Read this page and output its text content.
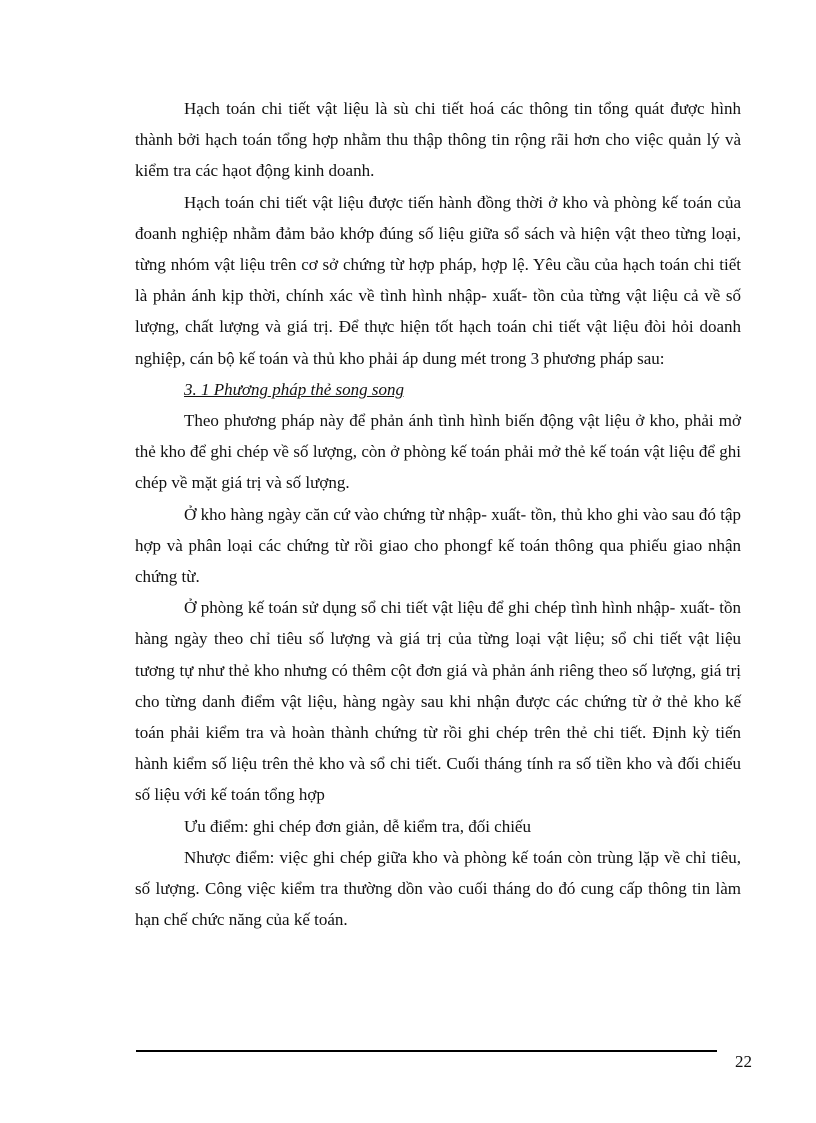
Hạch toán chi tiết vật liệu là sù chi tiết hoá các thông tin tổng quát được hình thành bởi hạch toán tổng hợp nhằm thu thập thông tin rộng rãi hơn cho việc quản lý và kiểm tra các hạot động kinh doanh.

Hạch toán chi tiết vật liệu được tiến hành đồng thời ở kho và phòng kế toán của đoanh nghiệp nhằm đảm bảo khớp đúng số liệu giữa sổ sách và hiện vật theo từng loại, từng nhóm vật liệu trên cơ sở chứng từ hợp pháp, hợp lệ. Yêu cầu của hạch toán chi tiết là phản ánh kịp thời, chính xác về tình hình nhập- xuất- tồn của từng vật liệu cả về số lượng, chất lượng và giá trị. Để thực hiện tốt hạch toán chi tiết vật liệu đòi hỏi doanh nghiệp, cán bộ kế toán và thủ kho phải áp dung mét trong 3 phương pháp sau:

3. 1 Phương pháp thẻ song song

Theo phương pháp này để phản ánh tình hình biến động vật liệu ở kho, phải mở thẻ kho để ghi chép về số lượng, còn ở phòng kế toán phải mở thẻ kế toán vật liệu để ghi chép về mặt giá trị và số lượng.

Ở kho hàng ngày căn cứ vào chứng từ nhập- xuất- tồn, thủ kho ghi vào sau đó tập hợp và phân loại các chứng từ rồi giao cho phongf kế toán thông qua phiếu giao nhận chứng từ.

Ở phòng kế toán sử dụng sổ chi tiết vật liệu để ghi chép tình hình nhập- xuất- tồn hàng ngày theo chỉ tiêu số lượng và giá trị của từng loại vật liệu; sổ chi tiết vật liệu tương tự như thẻ kho nhưng có thêm cột đơn giá và phản ánh riêng theo số lượng, giá trị cho từng danh điểm vật liệu, hàng ngày sau khi nhận được các chứng từ ở thẻ kho kế toán phải kiểm tra và hoàn thành chứng từ rồi ghi chép trên thẻ chi tiết. Định kỳ tiến hành kiểm số liệu trên thẻ kho và sổ chi tiết. Cuối tháng tính ra số tiền kho và đối chiếu số liệu với kế toán tổng hợp

Ưu điểm: ghi chép đơn giản, dễ kiểm tra, đối chiếu

Nhược điểm: việc ghi chép giữa kho và phòng kế toán còn trùng lặp về chỉ tiêu, số lượng. Công việc kiểm tra thường dồn vào cuối tháng do đó cung cấp thông tin làm hạn chế chức năng của kế toán.

22
